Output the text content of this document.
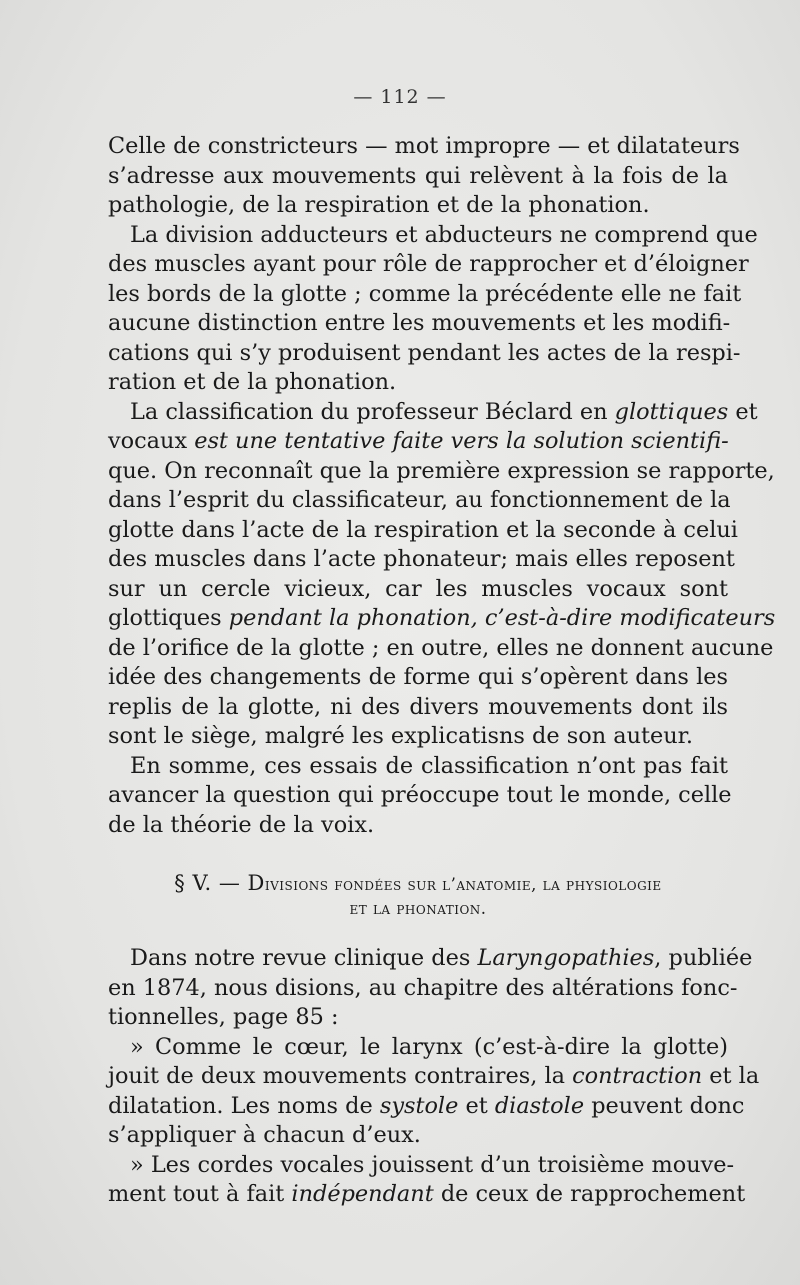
— 112 —
Celle de constricteurs — mot impropre — et dilatateurs
s’adresse aux mouvements qui relèvent à la fois de la
pathologie, de la respiration et de la phonation.
La division adducteurs et abducteurs ne comprend que
des muscles ayant pour rôle de rapprocher et d’éloigner
les bords de la glotte ; comme la précédente elle ne fait
aucune distinction entre les mouvements et les modifi-
cations qui s’y produisent pendant les actes de la respi-
ration et de la phonation.
La classification du professeur Béclard en glottiques et
vocaux est une tentative faite vers la solution scientifi-
que. On reconnaît que la première expression se rapporte,
dans l’esprit du classificateur, au fonctionnement de la
glotte dans l’acte de la respiration et la seconde à celui
des muscles dans l’acte phonateur; mais elles reposent
sur un cercle vicieux, car les muscles vocaux sont
glottiques pendant la phonation, c’est-à-dire modificateurs
de l’orifice de la glotte ; en outre, elles ne donnent aucune
idée des changements de forme qui s’opèrent dans les
replis de la glotte, ni des divers mouvements dont ils
sont le siège, malgré les explicatisns de son auteur.
En somme, ces essais de classification n’ont pas fait
avancer la question qui préoccupe tout le monde, celle
de la théorie de la voix.
§ V. — Divisions fondées sur l’anatomie, la physiologie
et la phonation.
Dans notre revue clinique des Laryngopathies, publiée
en 1874, nous disions, au chapitre des altérations fonc-
tionnelles, page 85 :
» Comme le cœur, le larynx (c’est-à-dire la glotte)
jouit de deux mouvements contraires, la contraction et la
dilatation. Les noms de systole et diastole peuvent donc
s’appliquer à chacun d’eux.
» Les cordes vocales jouissent d’un troisième mouve-
ment tout à fait indépendant de ceux de rapprochement
